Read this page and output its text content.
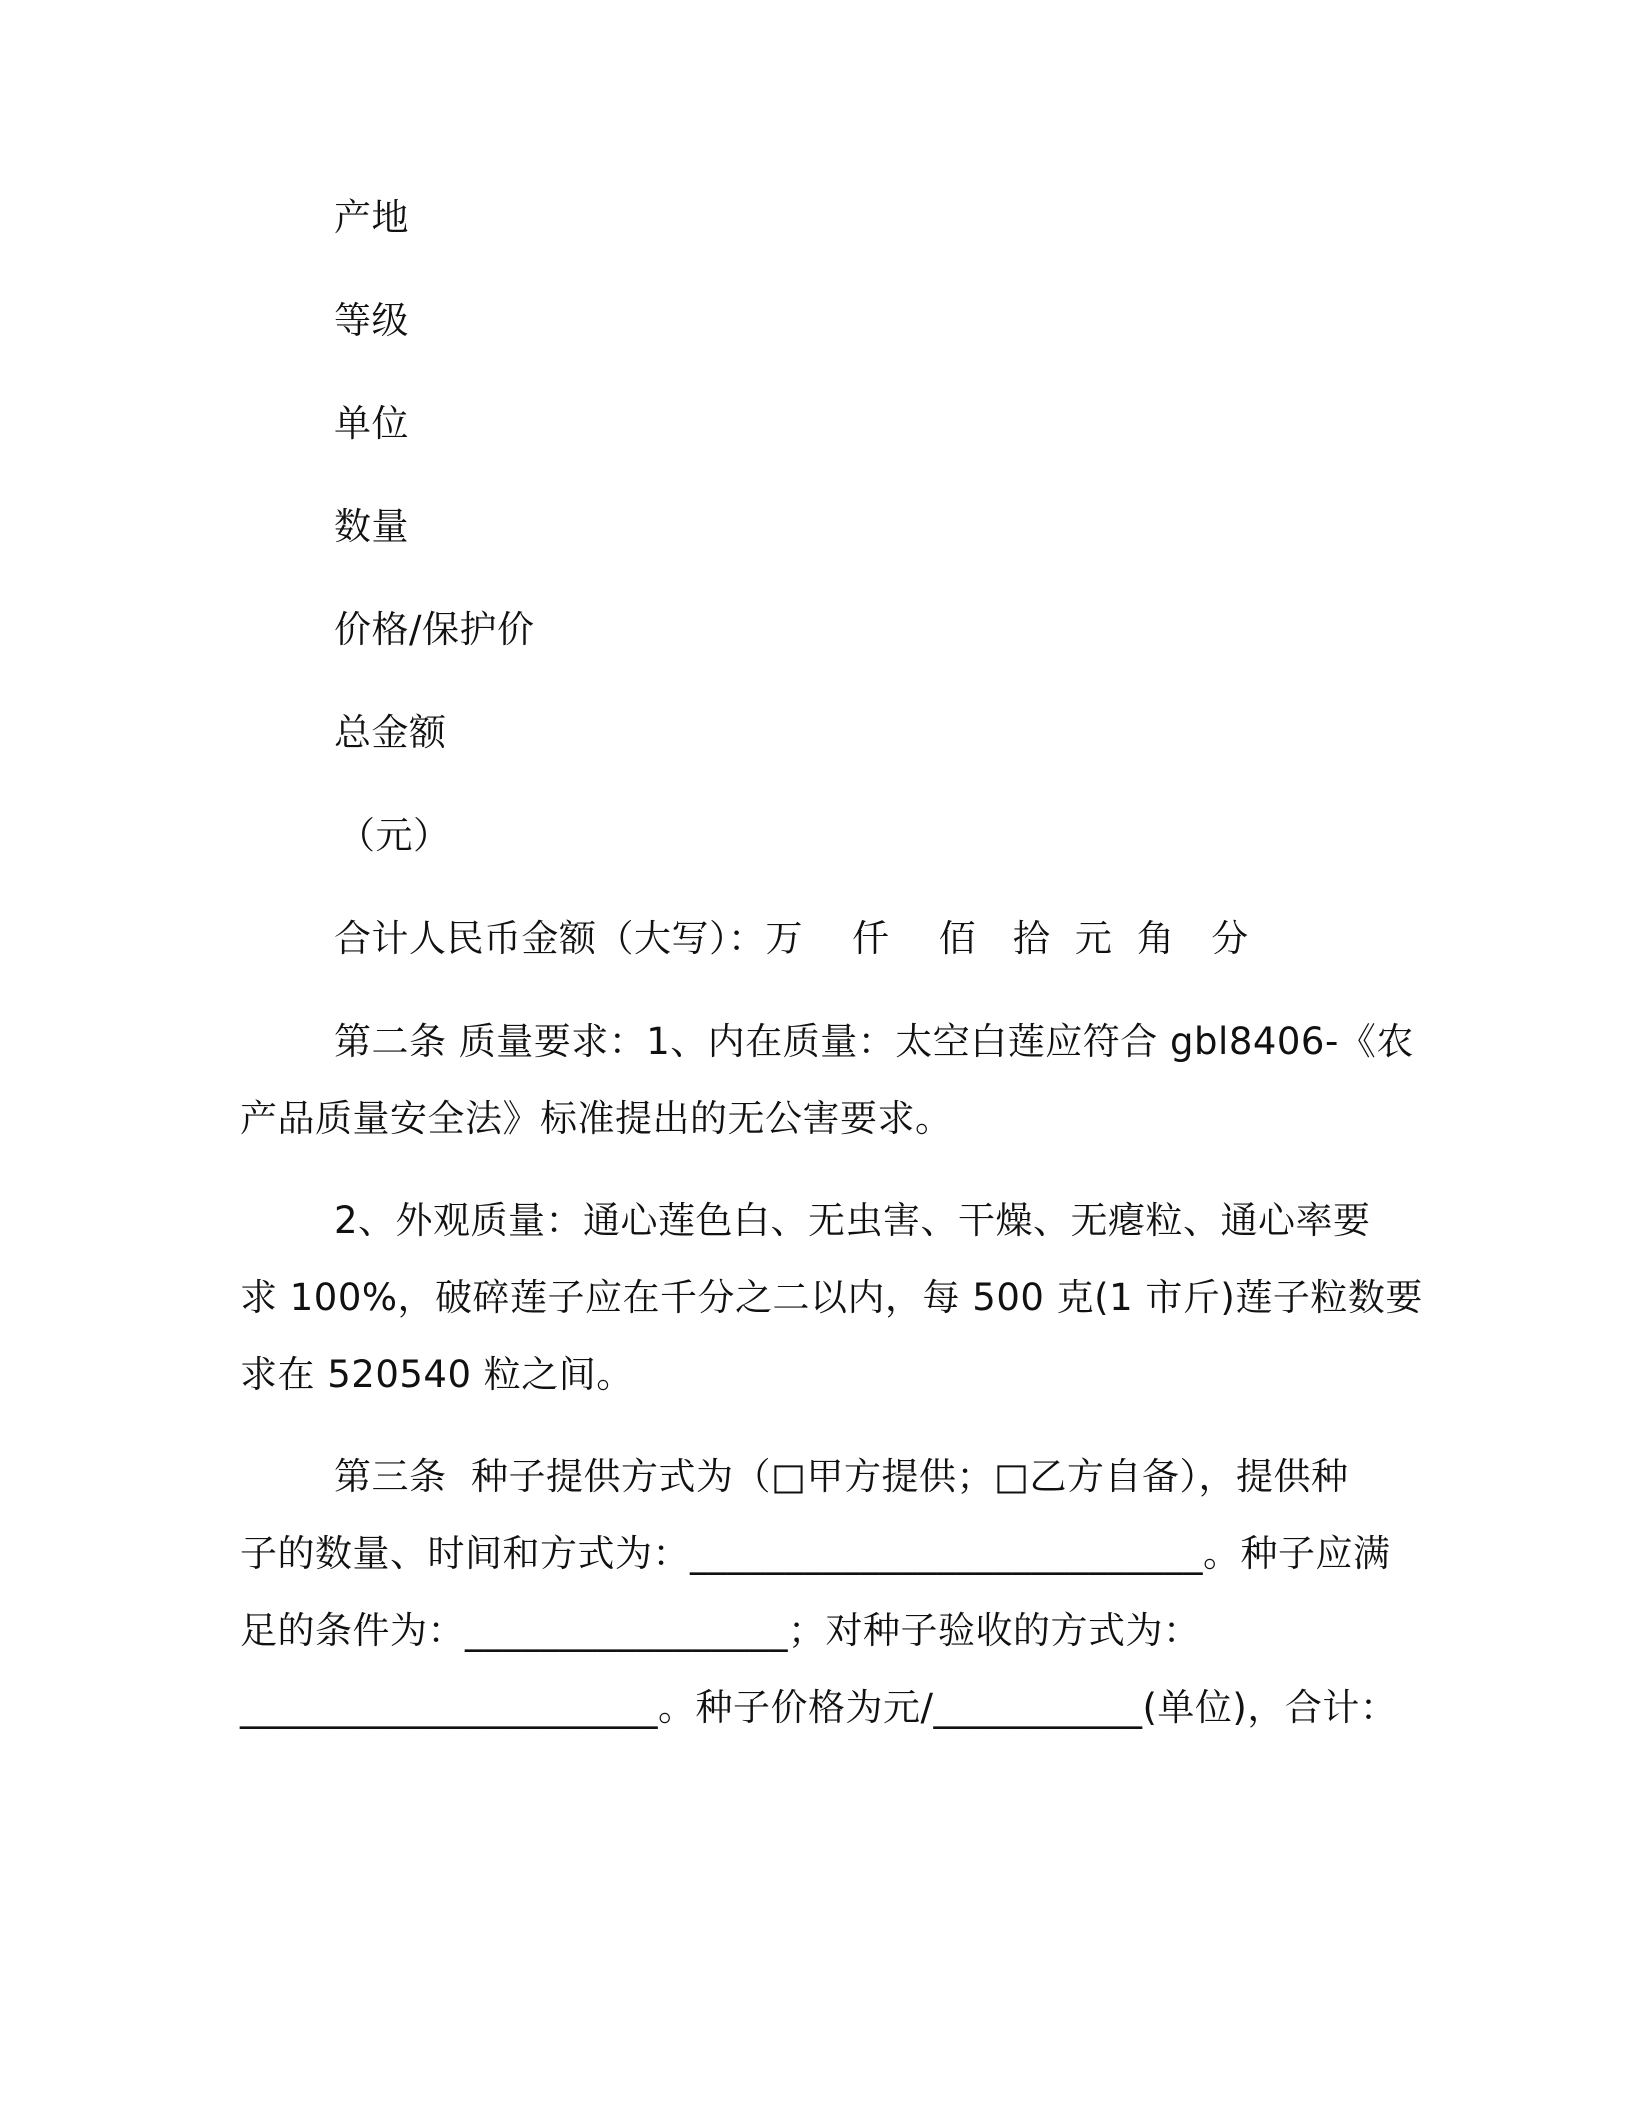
产地
等级
单位
数量
价格/保护价
总金额
（元）
合计人民币金额（大写）：万    仟    佰   拾  元  角   分
第二条 质量要求：1、内在质量：太空白莲应符合 gbl8406-《农
产品质量安全法》标准提出的无公害要求。
2、外观质量：通心莲色白、无虫害、干燥、无瘪粒、通心率要
求 100%，破碎莲子应在千分之二以内，每 500 克(1 市斤)莲子粒数要
求在 520540 粒之间。
第三条  种子提供方式为（□甲方提供；□乙方自备），提供种
子的数量、时间和方式为：___________________________。种子应满
足的条件为：_________________；对种子验收的方式为：
______________________。种子价格为元/___________(单位)，合计：
